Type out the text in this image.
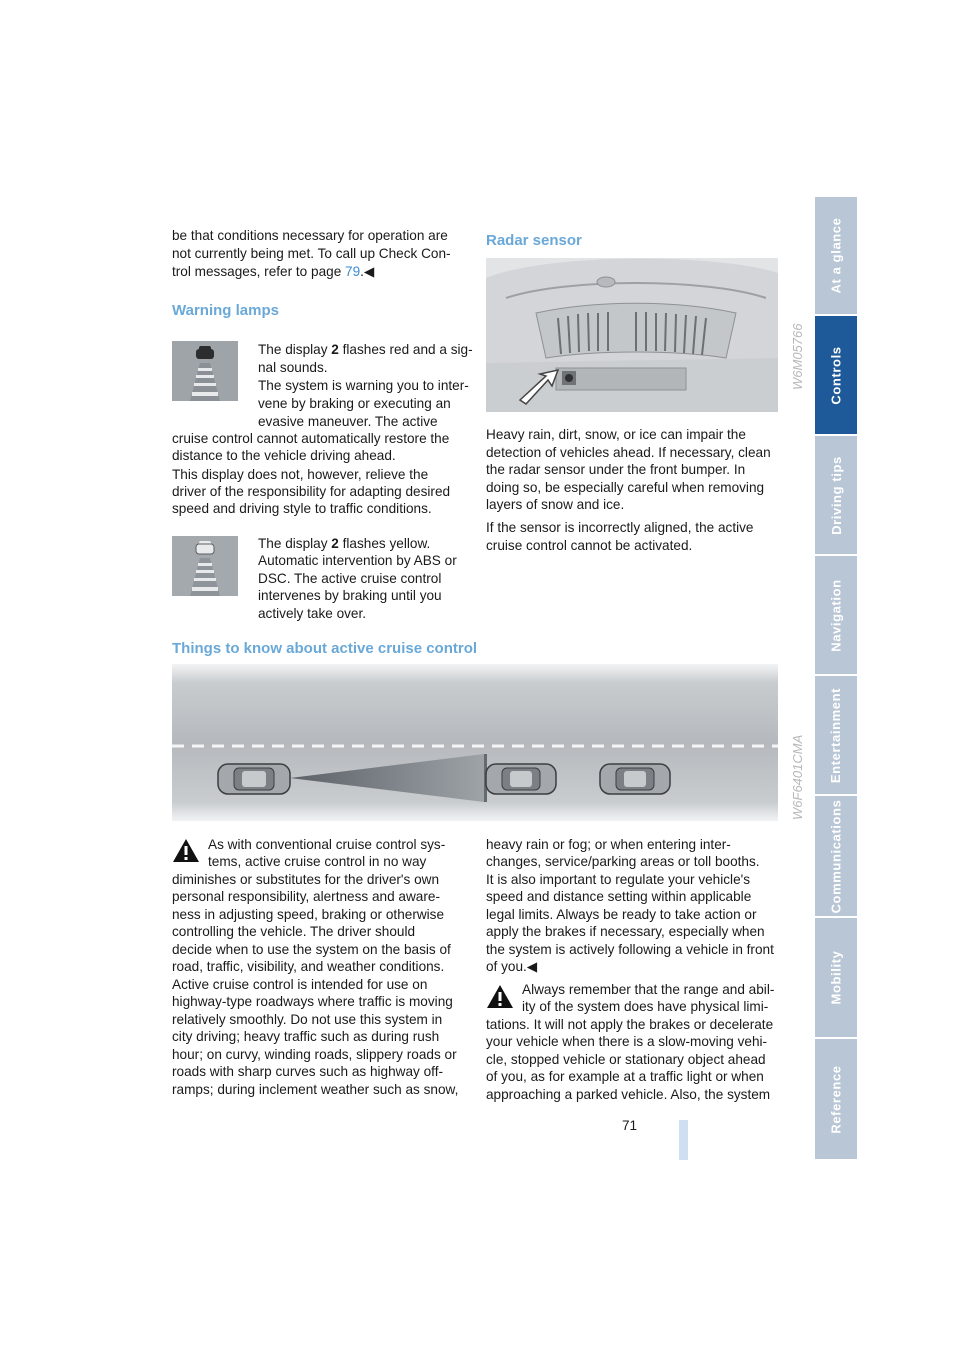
be that conditions necessary for operation are

not currently being met. To call up Check Con-

trol messages, refer to page 79.◀

Warning lamps

The display 2 flashes red and a sig-

nal sounds.

The system is warning you to inter-

vene by braking or executing an

evasive maneuver. The active

cruise control cannot automatically restore the

distance to the vehicle driving ahead.

This display does not, however, relieve the

driver of the responsibility for adapting desired

speed and driving style to traffic conditions.

The display 2 flashes yellow.

Automatic intervention by ABS or

DSC. The active cruise control

intervenes by braking until you

actively take over.

Radar sensor
W6M05766

Heavy rain, dirt, snow, or ice can impair the

detection of vehicles ahead. If necessary, clean

the radar sensor under the front bumper. In

doing so, be especially careful when removing

layers of snow and ice.

If the sensor is incorrectly aligned, the active

cruise control cannot be activated.

Things to know about active cruise control
W6F6401CMA

As with conventional cruise control sys-

tems, active cruise control in no way

diminishes or substitutes for the driver's own

personal responsibility, alertness and aware-

ness in adjusting speed, braking or otherwise

controlling the vehicle. The driver should

decide when to use the system on the basis of

road, traffic, visibility, and weather conditions.

Active cruise control is intended for use on

highway-type roadways where traffic is moving

relatively smoothly. Do not use this system in

city driving; heavy traffic such as during rush

hour; on curvy, winding roads, slippery roads or

roads with sharp curves such as highway off-

ramps; during inclement weather such as snow,

heavy rain or fog; or when entering inter-

changes, service/parking areas or toll booths.

It is also important to regulate your vehicle's

speed and distance setting within applicable

legal limits. Always be ready to take action or

apply the brakes if necessary, especially when

the system is actively following a vehicle in front

of you.◀

Always remember that the range and abil-

ity of the system does have physical limi-

tations. It will not apply the brakes or decelerate

your vehicle when there is a slow-moving vehi-

cle, stopped vehicle or stationary object ahead

of you, as for example at a traffic light or when

approaching a parked vehicle. Also, the system

71
At a glance
Controls
Driving tips
Navigation
Entertainment
Communications
Mobility
Reference
